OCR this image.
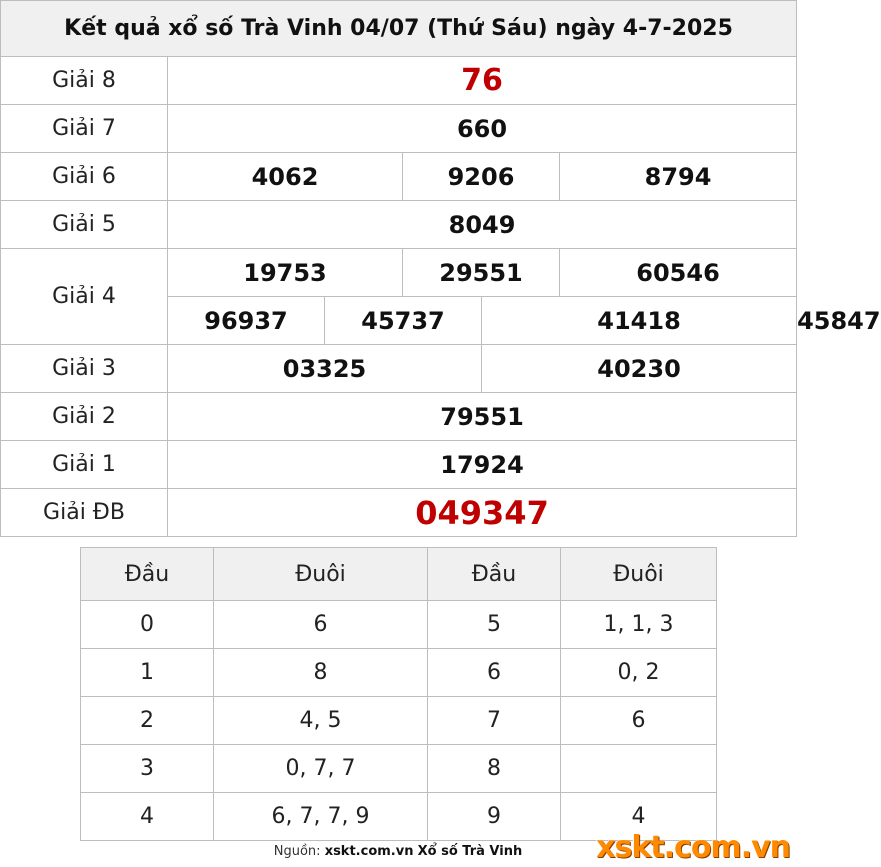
Kết quả xổ số Trà Vinh 04/07 (Thứ Sáu) ngày 4-7-2025						
Giải 8	76					
Giải 7	660					
Giải 6	4062		9206		8794	
Giải 5	8049					
Giải 4	19753		29551		60546	
	96937	45737		41418		45847
Giải 3	03325			40230		
Giải 2	79551					
Giải 1	17924					
Giải ĐB	049347					
Đầu	Đuôi	Đầu	Đuôi
0	6	5	1, 1, 3
1	8	6	0, 2
2	4, 5	7	6
3	0, 7, 7	8	
4	6, 7, 7, 9	9	4
Nguồn: xskt.com.vn Xổ số Trà Vinh	xskt.com.vn
